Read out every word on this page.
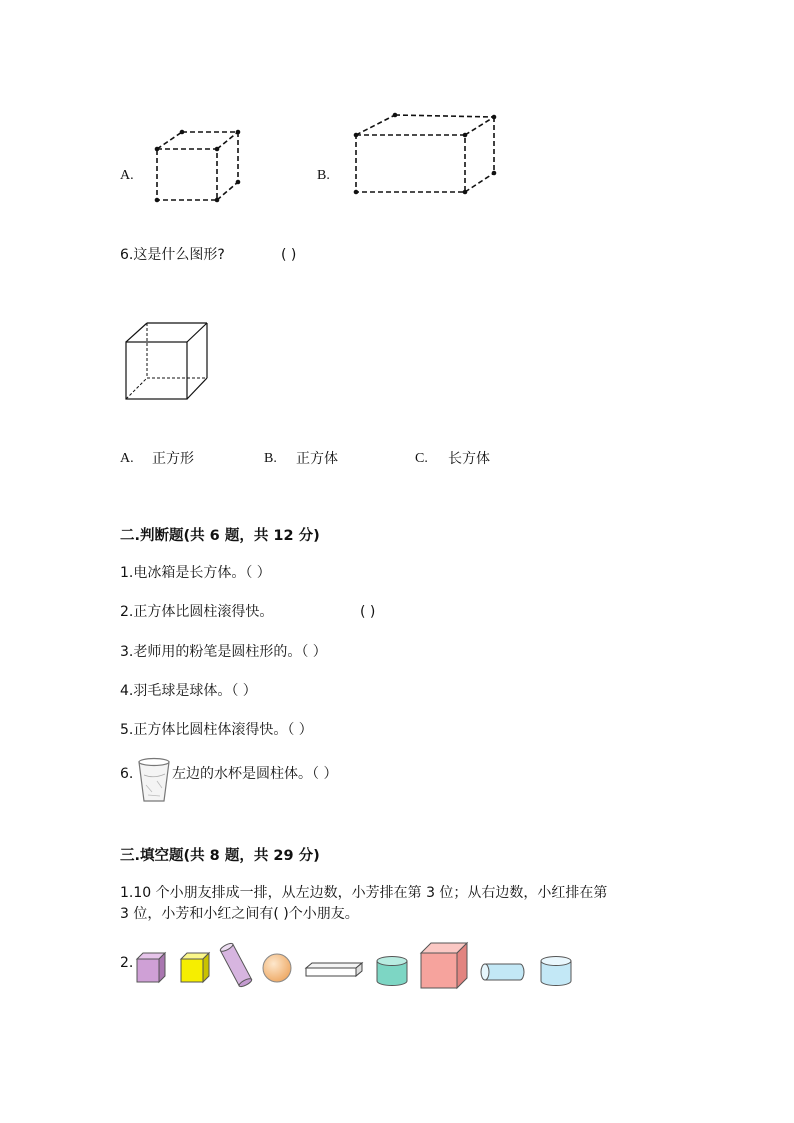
A.	B.
6.这是什么图形?	( )
A. 正方形	B. 正方体	C. 长方体
二.判断题(共 6 题，共 12 分)
1.电冰箱是长方体。（ ）
2.正方体比圆柱滚得快。	( )
3.老师用的粉笔是圆柱形的。（ ）
4.羽毛球是球体。（ ）
5.正方体比圆柱体滚得快。（ ）
6.	左边的水杯是圆柱体。（ ）
三.填空题(共 8 题，共 29 分)
1.10 个小朋友排成一排，从左边数，小芳排在第 3 位；从右边数，小红排在第
3 位，小芳和小红之间有( )个小朋友。
2.
